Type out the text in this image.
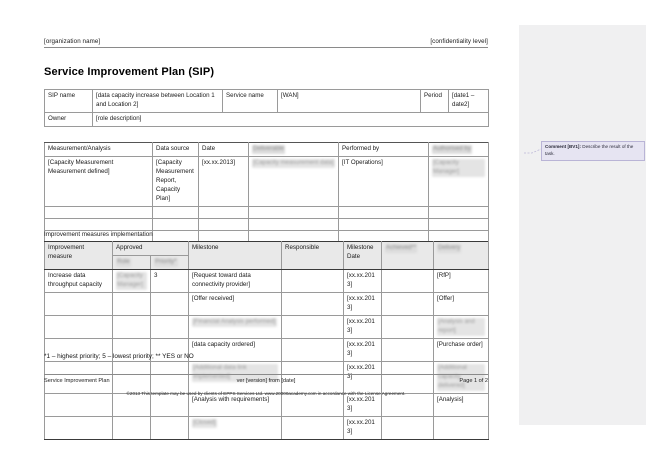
[organization name]	[confidentiality level]
Service Improvement Plan (SIP)
SIP name	[data capacity increase between Location 1 and Location 2]	Service name	[WAN]	Period	[date1 – date2]
Owner	[role description]				
Measurement/Analysis	Data source	Date	Deliverable	Performed by	Authorised by
[Capacity Measurement Measurement defined]	[Capacity Measurement Report, Capacity Plan]	[xx.xx.2013]	[Capacity measurement data]	[IT Operations]	[Capacity Manager]

Improvement measures implementation
Improvement measure	Approved		Milestone	Responsible	Milestone Date	Achieved**	Delivery
	Role	Priority*					
Increase data throughput capacity	[Capacity Manager]	3	[Request toward data connectivity provider]		[xx.xx.2013]		[RfP]
			[Offer received]		[xx.xx.2013]		[Offer]
			[Financial Analysis performed]		[xx.xx.2013]		[Analysis and report]
			[data capacity ordered]		[xx.xx.2013]		[Purchase order]
			[Additional data link implemented]		[xx.xx.2013]		[Additional capacity delivered]
			[Analysis with requirements]		[xx.xx.2013]		[Analysis]
			[Closed]		[xx.xx.2013]		
*1 – highest priority; 5 – lowest priority; ** YES or NO
Service Improvement Plan	ver [version] from [date]	Page 1 of 2
©2013 This template may be used by clients of EPPS Services Ltd. www.20000academy.com in accordance with the License Agreement.
Comment [BV1]: Describe the result of the task.
